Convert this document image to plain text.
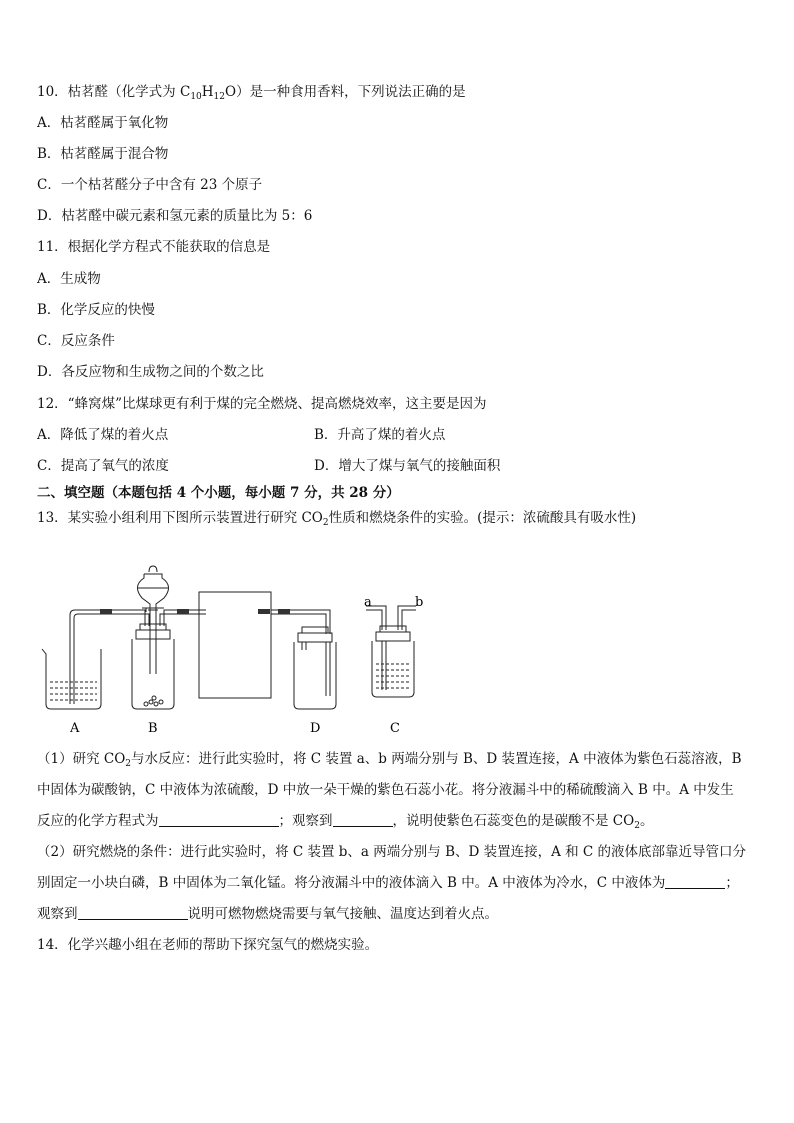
10．枯茗醛（化学式为 $C_{10}H_{12}O$）是一种食用香料，下列说法正确的是
A．枯茗醛属于氧化物
B．枯茗醛属于混合物
C．一个枯茗醛分子中含有 23 个原子
D．枯茗醛中碳元素和氢元素的质量比为 5：6
11．根据化学方程式不能获取的信息是
A．生成物
B．化学反应的快慢
C．反应条件
D．各反应物和生成物之间的个数之比
12．“蜂窝煤”比煤球更有利于煤的完全燃烧、提高燃烧效率，这主要是因为
A．降低了煤的着火点	B．升高了煤的着火点
C．提高了氧气的浓度	D．增大了煤与氧气的接触面积
二、填空题（本题包括 4 个小题，每小题 7 分，共 28 分）
13．某实验小组利用下图所示装置进行研究 $CO_2$性质和燃烧条件的实验。(提示：浓硫酸具有吸水性)
a	b
A	B	D	C
（1）研究 $CO_2$与水反应：进行此实验时，将 C 装置 a、b 两端分别与 B、D 装置连接，A 中液体为紫色石蕊溶液，B
中固体为碳酸钠，C 中液体为浓硫酸，D 中放一朵干燥的紫色石蕊小花。将分液漏斗中的稀硫酸滴入 B 中。A 中发生
反应的化学方程式为	；观察到	，说明使紫色石蕊变色的是碳酸不是 $CO_2$。
（2）研究燃烧的条件：进行此实验时，将 C 装置 b、a 两端分别与 B、D 装置连接，A 和 C 的液体底部靠近导管口分
别固定一小块白磷，B 中固体为二氧化锰。将分液漏斗中的液体滴入 B 中。A 中液体为冷水，C 中液体为	；
观察到	说明可燃物燃烧需要与氧气接触、温度达到着火点。
14．化学兴趣小组在老师的帮助下探究氢气的燃烧实验。
